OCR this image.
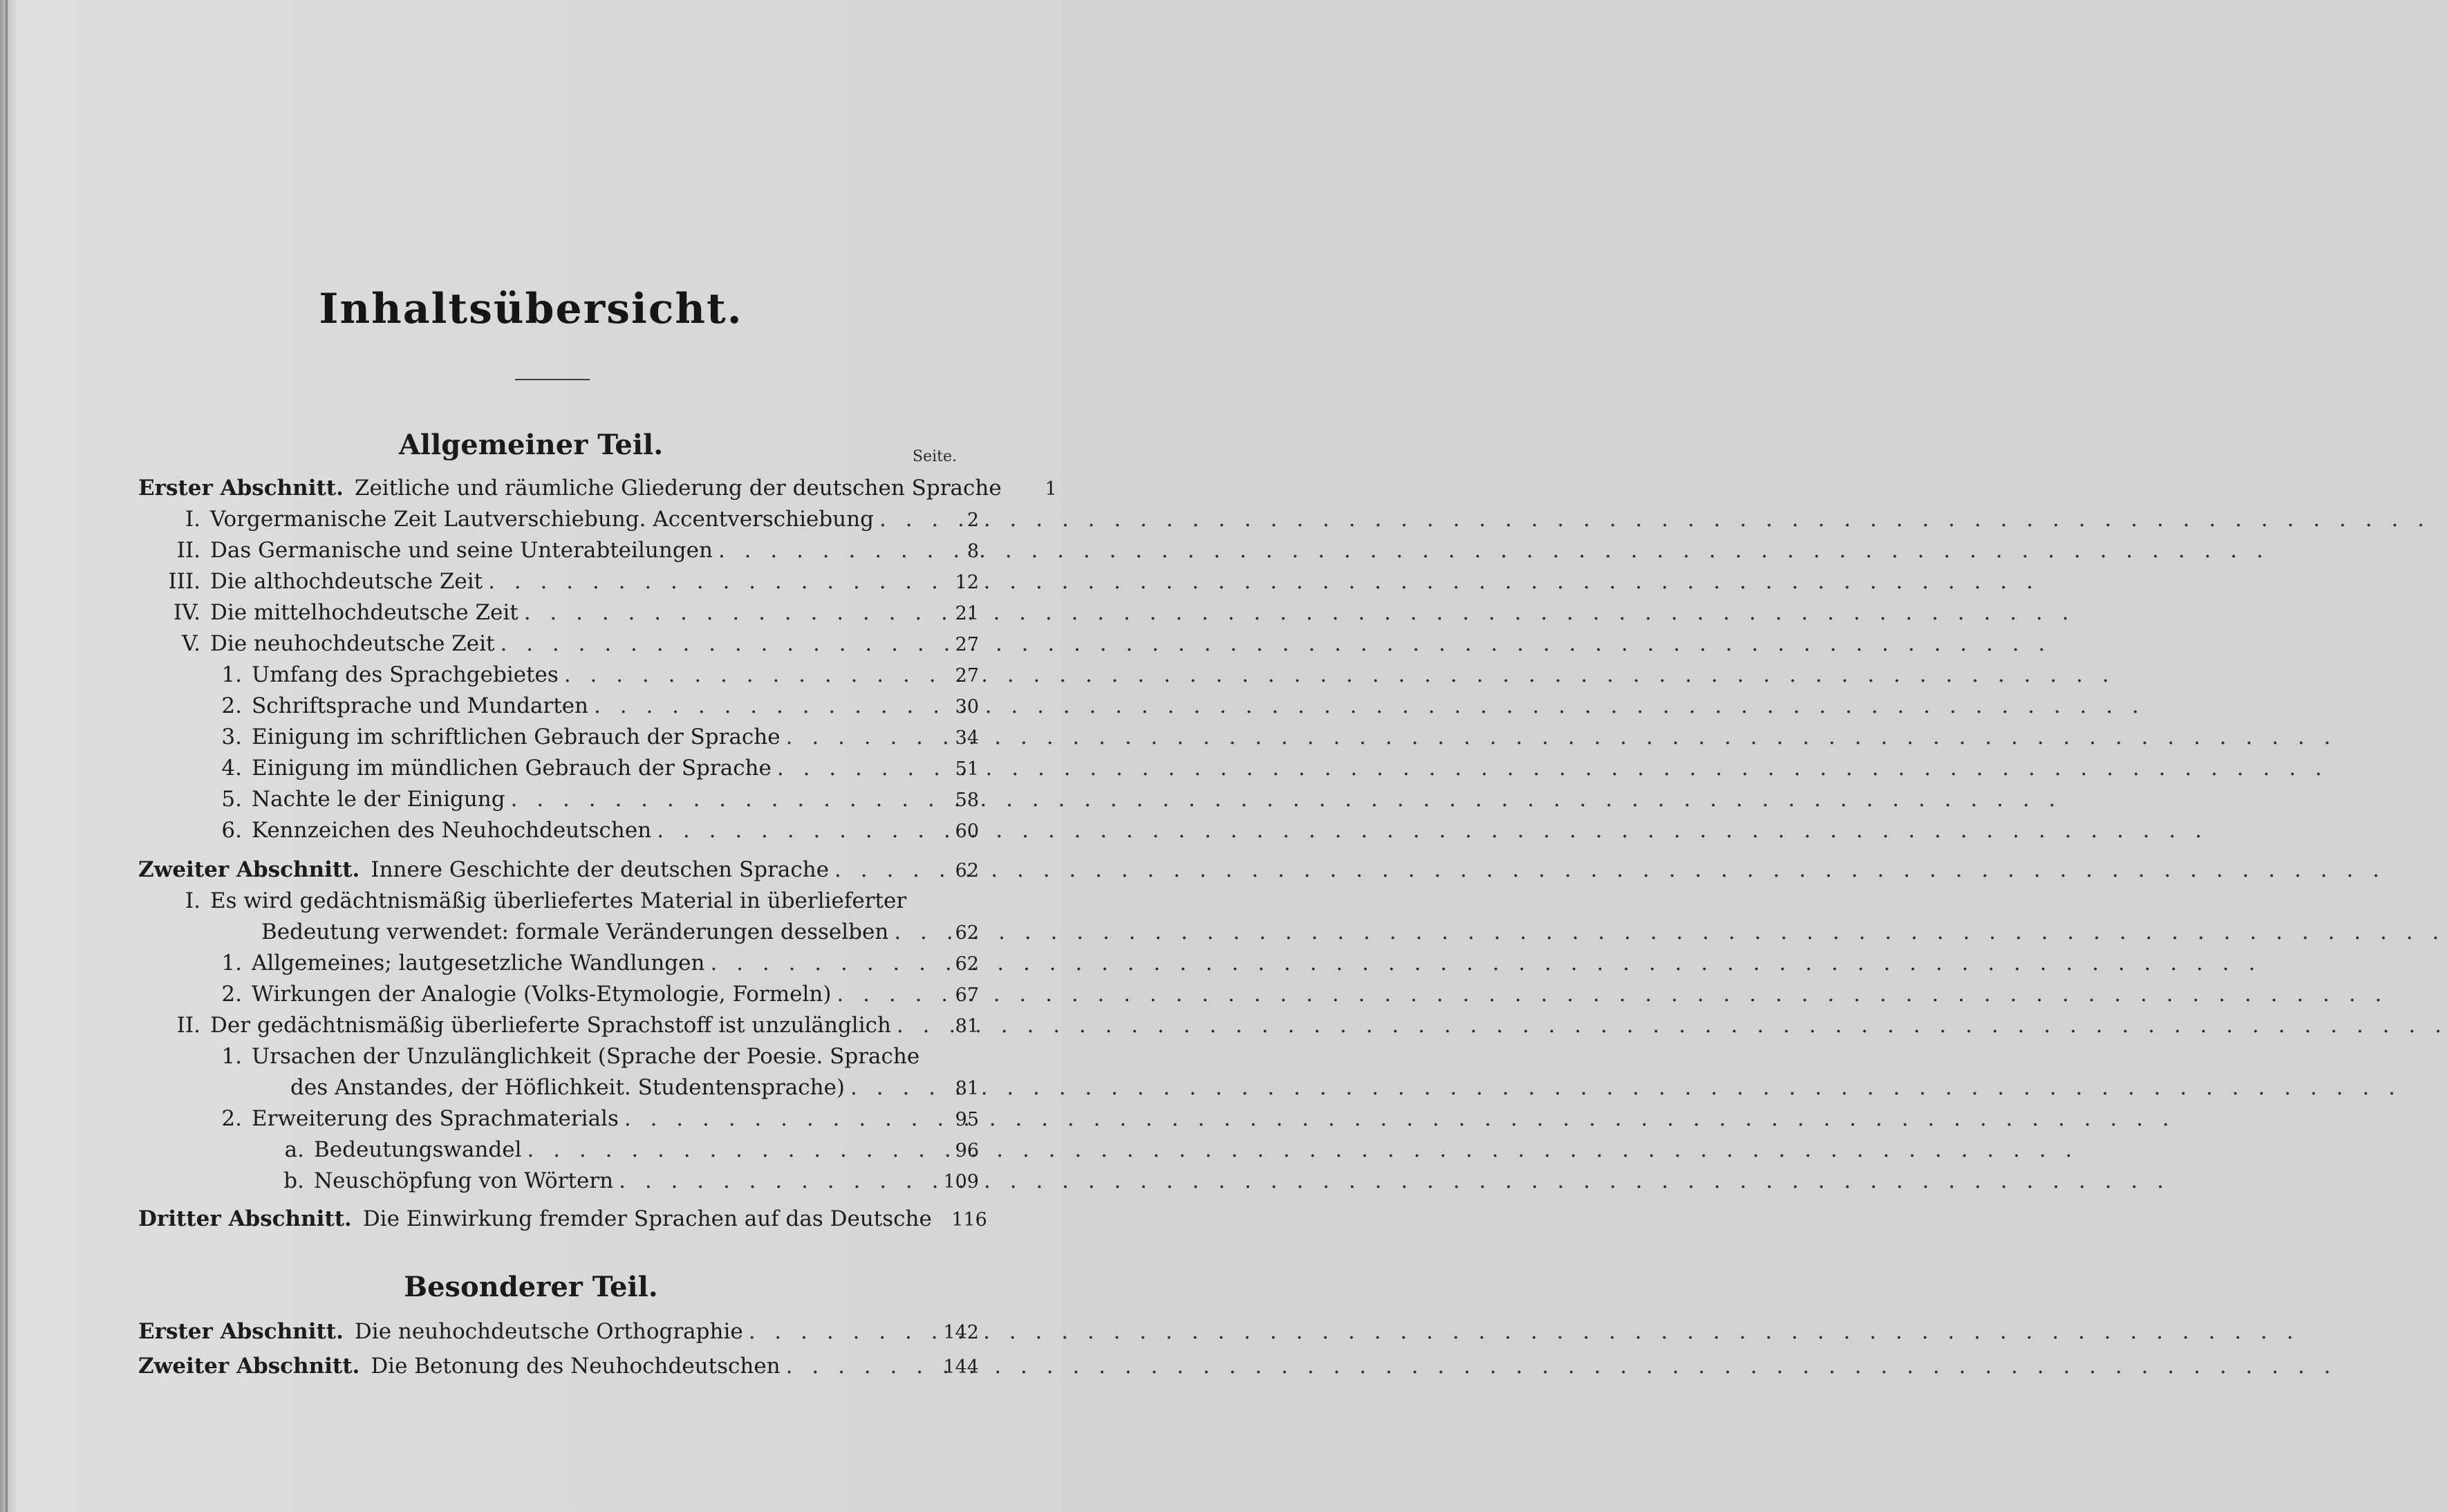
Inhaltsübersicht.
Allgemeiner Teil.	Seite.
Erster Abschnitt. Zeitliche und räumliche Gliederung der deutschen Sprache	1
I. Vorgermanische Zeit Lautverschiebung. Accentverschiebung . . .	2
II. Das Germanische und seine Unterabteilungen . . .	8
III. Die althochdeutsche Zeit . . .	12
IV. Die mittelhochdeutsche Zeit . . .	21
V. Die neuhochdeutsche Zeit . . .	27
1. Umfang des Sprachgebietes . . .	27
2. Schriftsprache und Mundarten . . .	30
3. Einigung im schriftlichen Gebrauch der Sprache . . .	34
4. Einigung im mündlichen Gebrauch der Sprache . . .	51
5. Nachte le der Einigung . . .	58
6. Kennzeichen des Neuhochdeutschen . . .	60
Zweiter Abschnitt. Innere Geschichte der deutschen Sprache . . .	62
I. Es wird gedächtnismäßig überliefertes Material in überlieferter
Bedeutung verwendet: formale Veränderungen desselben . . .	62
1. Allgemeines; lautgesetzliche Wandlungen . . .	62
2. Wirkungen der Analogie (Volks-Etymologie, Formeln) . . .	67
II. Der gedächtnismäßig überlieferte Sprachstoff ist unzulänglich . . .	81
1. Ursachen der Unzulänglichkeit (Sprache der Poesie. Sprache
des Anstandes, der Höflichkeit. Studentensprache) . . .	81
2. Erweiterung des Sprachmaterials . . .	95
a. Bedeutungswandel . . .	96
b. Neuschöpfung von Wörtern . . .	109
Dritter Abschnitt. Die Einwirkung fremder Sprachen auf das Deutsche	116
Besonderer Teil.
Erster Abschnitt. Die neuhochdeutsche Orthographie . . .	142
Zweiter Abschnitt. Die Betonung des Neuhochdeutschen . . .	144
